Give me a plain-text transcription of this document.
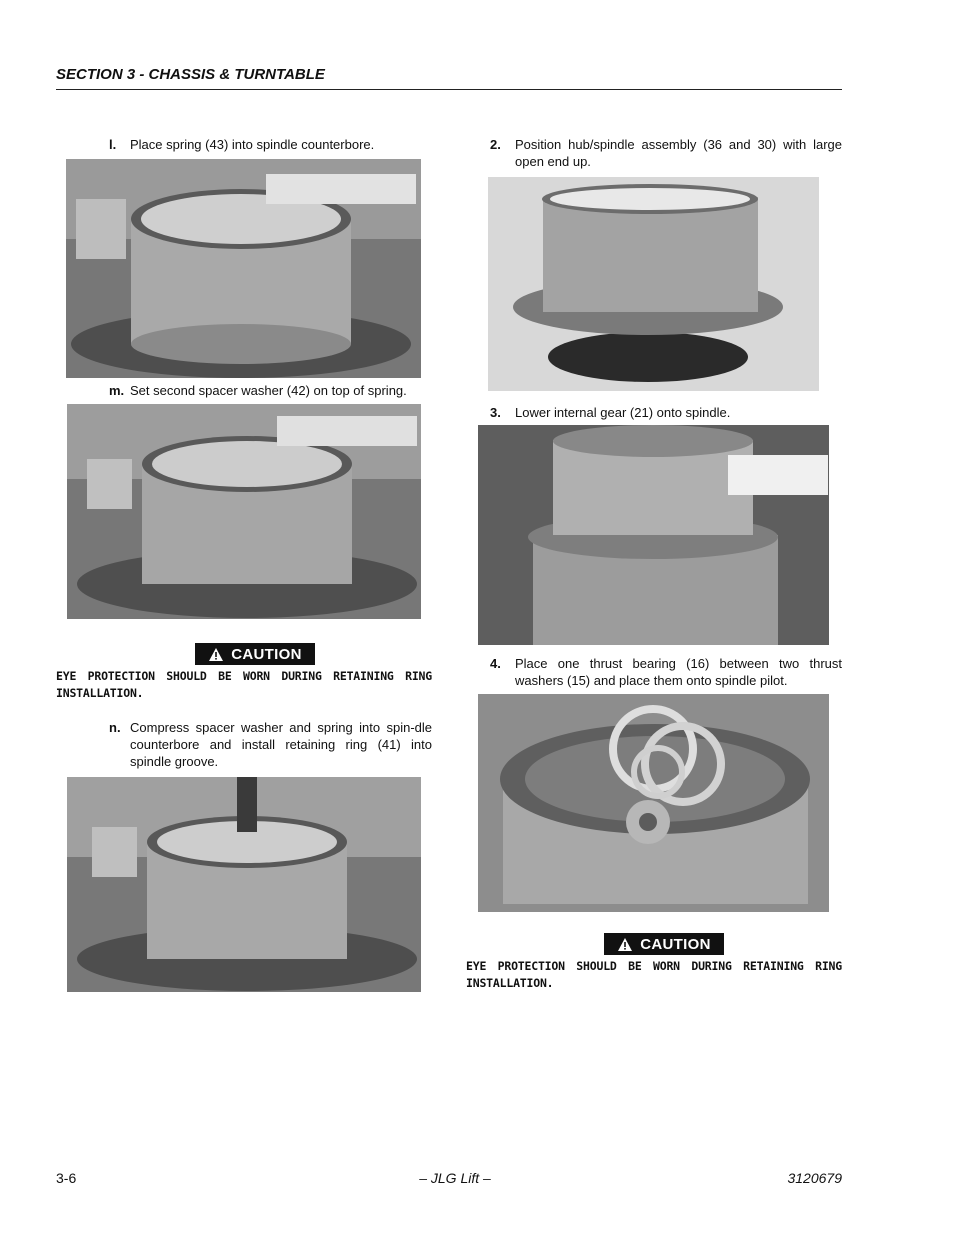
SECTION 3 - CHASSIS & TURNTABLE
l.	Place spring (43) into spindle counterbore.
m. Set second spacer washer (42) on top of spring.
CAUTION
EYE PROTECTION SHOULD BE WORN DURING RETAINING RING INSTALLATION.
n. Compress spacer washer and spring into spin-dle counterbore and install retaining ring (41) into spindle groove.
2.	Position hub/spindle assembly (36 and 30) with large open end up.
3.	Lower internal gear (21) onto spindle.
4.	Place one thrust bearing (16) between two thrust washers (15) and place them onto spindle pilot.
CAUTION
EYE PROTECTION SHOULD BE WORN DURING RETAINING RING INSTALLATION.
3-6	– JLG Lift –	3120679
